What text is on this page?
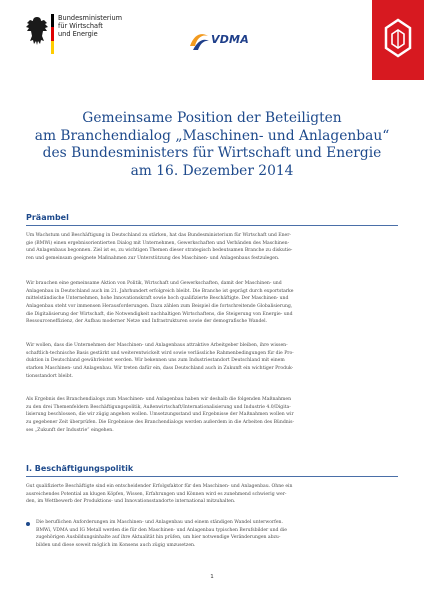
Bundesministerium
für Wirtschaft
und Energie	VDMA
Gemeinsame Position der Beteiligten
am Branchendialog „Maschinen- und Anlagenbau“
des Bundesministers für Wirtschaft und Energie
am 16. Dezember 2014
Präambel
Um Wachstum und Beschäftigung in Deutschland zu stärken, hat das Bundesministerium für Wirtschaft und Ener-
gie (BMWi) einen ergebnisorientierten Dialog mit Unternehmen, Gewerkschaften und Verbänden des Maschinen-
und Anlagenbaus begonnen. Ziel ist es, zu wichtigen Themen dieser strategisch bedeutsamen Branche zu diskutie-
ren und gemeinsam geeignete Maßnahmen zur Unterstützung des Maschinen- und Anlagenbaus festzulegen.
Wir brauchen eine gemeinsame Aktion von Politik, Wirtschaft und Gewerkschaften, damit der Maschinen- und
Anlagenbau in Deutschland auch im 21. Jahrhundert erfolgreich bleibt. Die Branche ist geprägt durch exportstarke
mittelständische Unternehmen, hohe Innovationskraft sowie hoch qualifizierte Beschäftigte. Der Maschinen- und
Anlagenbau steht vor immensen Herausforderungen. Dazu zählen zum Beispiel die fortschreitende Globalisierung,
die Digitalisierung der Wirtschaft, die Notwendigkeit nachhaltigen Wirtschaftens, die Steigerung von Energie- und
Ressourceneffizienz, der Aufbau moderner Netze und Infrastrukturen sowie der demografische Wandel.
Wir wollen, dass die Unternehmen der Maschinen- und Anlagenbaus attraktive Arbeitgeber bleiben, ihre wissen-
schaftlich-technische Basis gestärkt und weiterentwickelt wird sowie verlässliche Rahmenbedingungen für die Pro-
duktion in Deutschland gewährleistet werden. Wir bekennen uns zum Industriestandort Deutschland mit einem
starken Maschinen- und Anlagenbau. Wir treten dafür ein, dass Deutschland auch in Zukunft ein wichtiger Produk-
tionsstandort bleibt.
Als Ergebnis des Branchendialogs zum Maschinen- und Anlagenbau haben wir deshalb die folgenden Maßnahmen
zu den drei Themenfeldern Beschäftigungspolitik, Außenwirtschaft/Internationalisierung und Industrie 4.0/Digita-
lisierung beschlossen, die wir zügig angehen wollen. Umsetzungsstand und Ergebnisse der Maßnahmen wollen wir
zu gegebener Zeit überprüfen. Die Ergebnisse des Branchendialogs werden außerdem in die Arbeiten des Bündnis-
ses „Zukunft der Industrie“ eingehen.
I. Beschäftigungspolitik
Gut qualifizierte Beschäftigte sind ein entscheidender Erfolgsfaktor für den Maschinen- und Anlagenbau. Ohne ein
ausreichendes Potential an klugen Köpfen, Wissen, Erfahrungen und Können wird es zunehmend schwierig wer-
den, im Wettbewerb der Produktions- und Innovationsstandorte international mitzuhalten.
Die beruflichen Anforderungen im Maschinen- und Anlagenbau und einem ständigen Wandel unterworfen.
BMWi, VDMA und IG Metall werden die für den Maschinen- und Anlagenbau typischen Berufsbilder und die
zugehörigen Ausbildungsinhalte auf ihre Aktualität hin prüfen, um hier notwendige Veränderungen abzu-
bilden und diese soweit möglich im Konsens auch zügig umzusetzen.
1
